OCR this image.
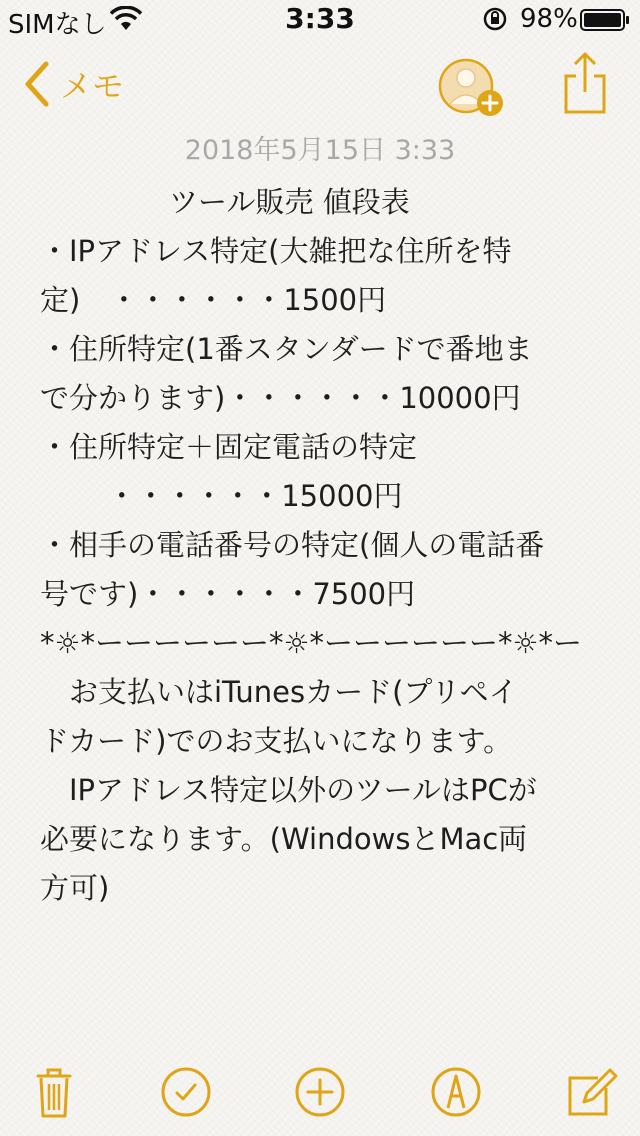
SIMなし	3:33	98%
メモ
2018年5月15日 3:33
ツール販売 値段表
・IPアドレス特定(大雑把な住所を特
定)　・・・・・・1500円
・住所特定(1番スタンダードで番地ま
で分かります)・・・・・・10000円
・住所特定＋固定電話の特定
　 　・・・・・・15000円
・相手の電話番号の特定(個人の電話番
号です)・・・・・・7500円
*☼*ーーーーーー*☼*ーーーーーー*☼*ー
　お支払いはiTunesカード(プリペイ
ドカード)でのお支払いになります。
　IPアドレス特定以外のツールはPCが
必要になります。(WindowsとMac両
方可)
